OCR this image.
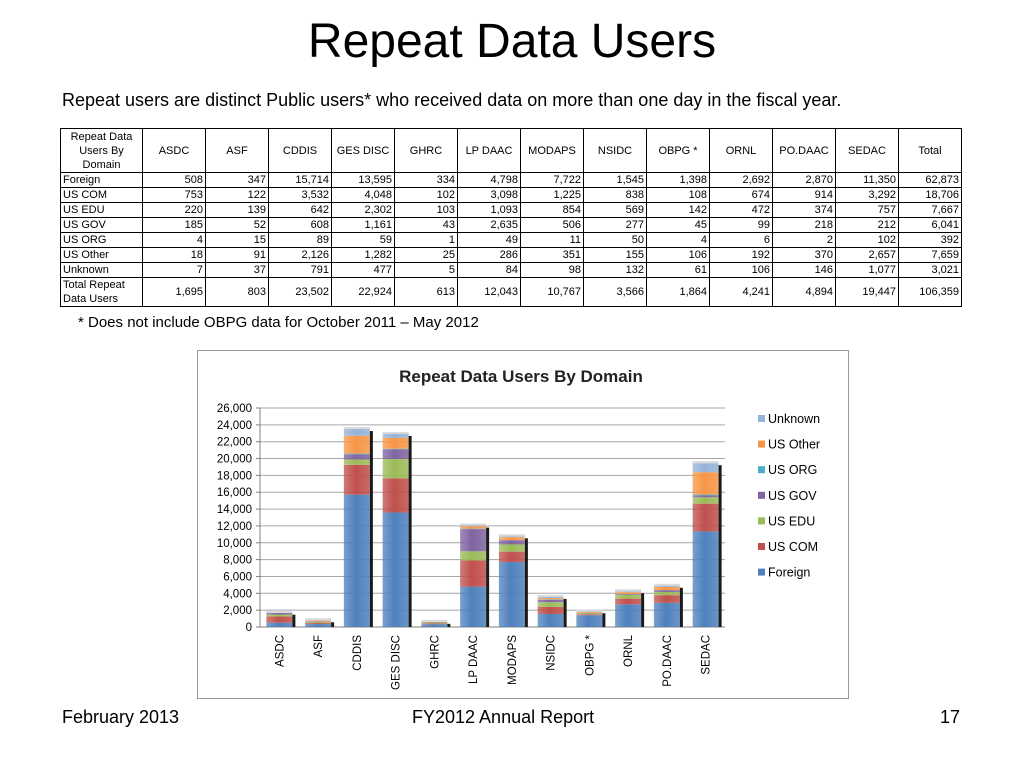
Repeat Data Users
Repeat users are distinct Public users* who received data on more than one day in the fiscal year.
Repeat Data Users By Domain	ASDC	ASF	CDDIS	GES DISC	GHRC	LP DAAC	MODAPS	NSIDC	OBPG *	ORNL	PO.DAAC	SEDAC	Total
Foreign	508	347	15,714	13,595	334	4,798	7,722	1,545	1,398	2,692	2,870	11,350	62,873
US COM	753	122	3,532	4,048	102	3,098	1,225	838	108	674	914	3,292	18,706
US EDU	220	139	642	2,302	103	1,093	854	569	142	472	374	757	7,667
US GOV	185	52	608	1,161	43	2,635	506	277	45	99	218	212	6,041
US ORG	4	15	89	59	1	49	11	50	4	6	2	102	392
US Other	18	91	2,126	1,282	25	286	351	155	106	192	370	2,657	7,659
Unknown	7	37	791	477	5	84	98	132	61	106	146	1,077	3,021
Total Repeat Data Users	1,695	803	23,502	22,924	613	12,043	10,767	3,566	1,864	4,241	4,894	19,447	106,359
* Does not include OBPG data for October 2011 – May 2012
Repeat Data Users By Domain
0
2,000
4,000
6,000
8,000
10,000
12,000
14,000
16,000
18,000
20,000
22,000
24,000
26,000
ASDC ASF CDDIS GES DISC GHRC LP DAAC MODAPS NSIDC OBPG * ORNL PO.DAAC SEDAC
Unknown
US Other
US ORG
US GOV
US EDU
US COM
Foreign
February 2013	FY2012 Annual Report	17
